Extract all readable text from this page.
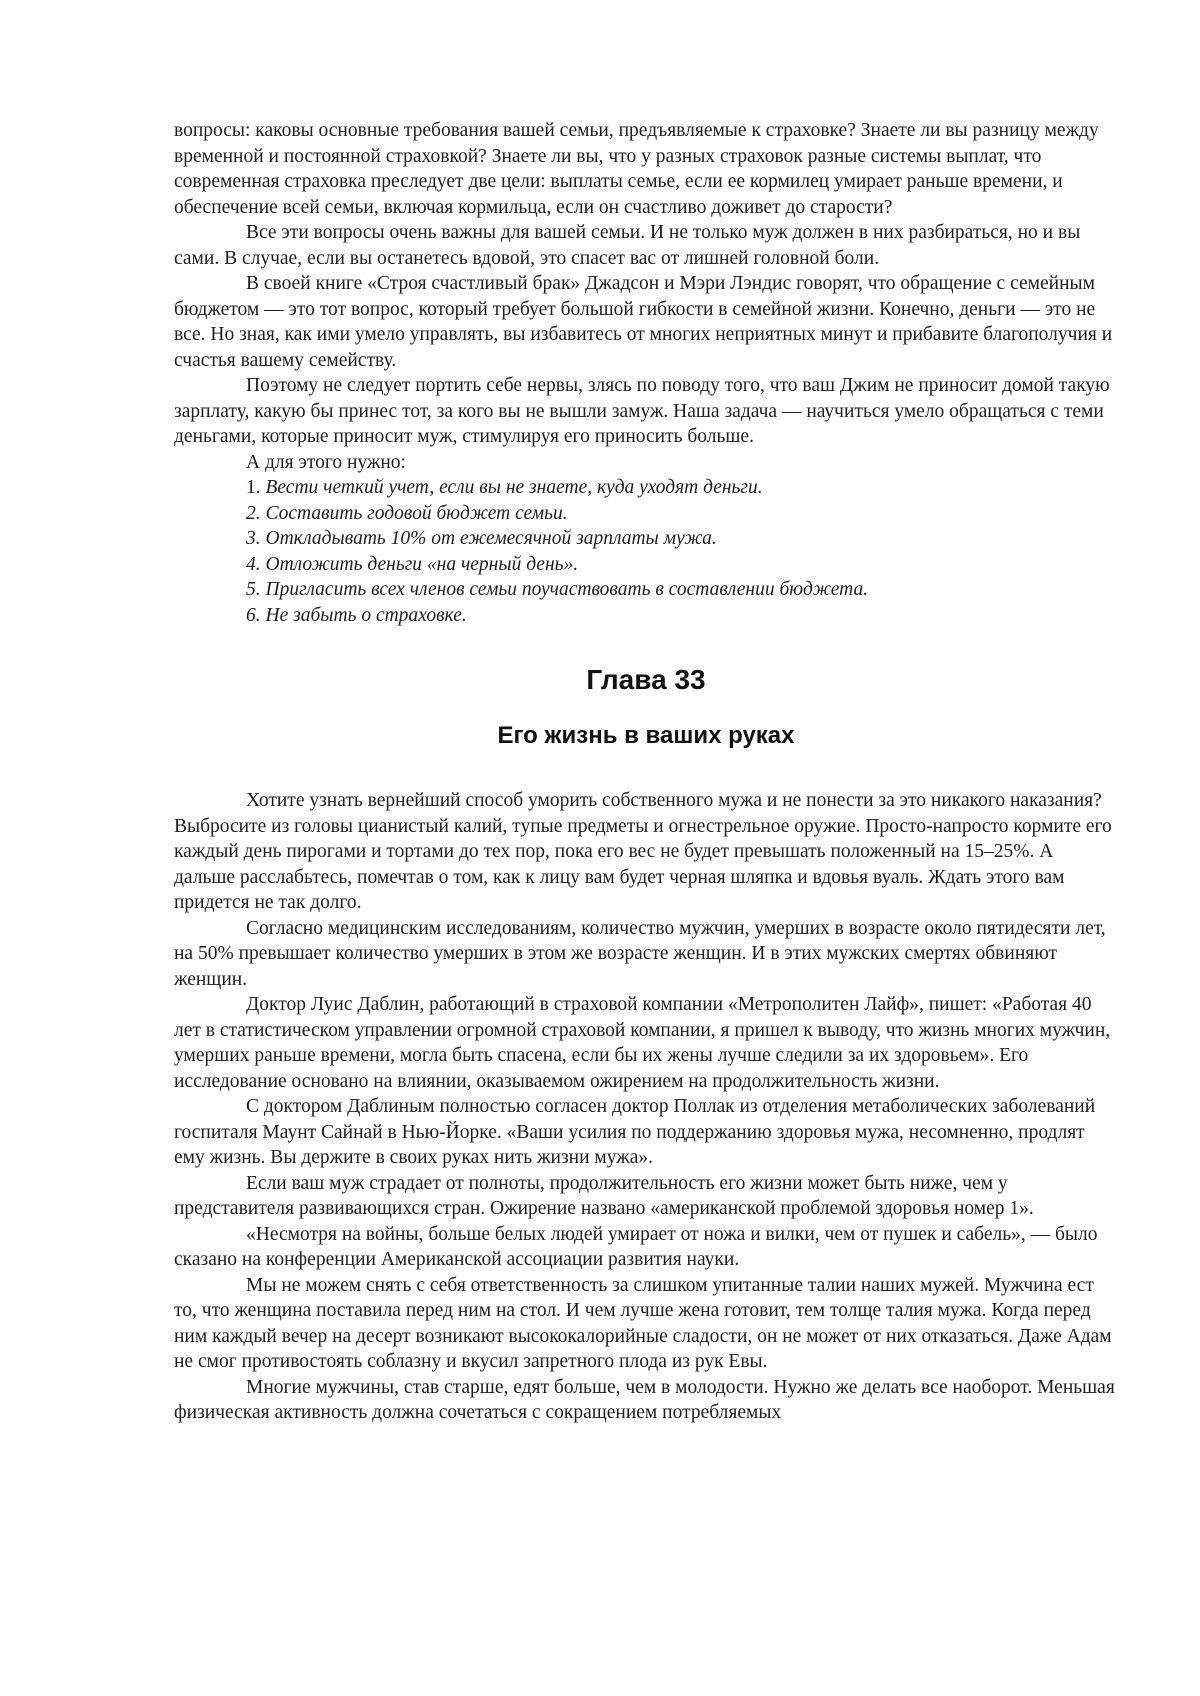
вопросы: каковы основные требования вашей семьи, предъявляемые к страховке? Знаете ли вы разницу между временной и постоянной страховкой? Знаете ли вы, что у разных страховок разные системы выплат, что современная страховка преследует две цели: выплаты семье, если ее кормилец умирает раньше времени, и обеспечение всей семьи, включая кормильца, если он счастливо доживет до старости?

Все эти вопросы очень важны для вашей семьи. И не только муж должен в них разбираться, но и вы сами. В случае, если вы останетесь вдовой, это спасет вас от лишней головной боли.

В своей книге «Строя счастливый брак» Джадсон и Мэри Лэндис говорят, что обращение с семейным бюджетом — это тот вопрос, который требует большой гибкости в семейной жизни. Конечно, деньги — это не все. Но зная, как ими умело управлять, вы избавитесь от многих неприятных минут и прибавите благополучия и счастья вашему семейству.

Поэтому не следует портить себе нервы, злясь по поводу того, что ваш Джим не приносит домой такую зарплату, какую бы принес тот, за кого вы не вышли замуж. Наша задача — научиться умело обращаться с теми деньгами, которые приносит муж, стимулируя его приносить больше.

А для этого нужно:

1. Вести четкий учет, если вы не знаете, куда уходят деньги.
2. Составить годовой бюджет семьи.
3. Откладывать 10% от ежемесячной зарплаты мужа.
4. Отложить деньги «на черный день».
5. Пригласить всех членов семьи поучаствовать в составлении бюджета.
6. Не забыть о страховке.
Глава 33
Его жизнь в ваших руках

Хотите узнать вернейший способ уморить собственного мужа и не понести за это никакого наказания? Выбросите из головы цианистый калий, тупые предметы и огнестрельное оружие. Просто-напросто кормите его каждый день пирогами и тортами до тех пор, пока его вес не будет превышать положенный на 15–25%. А дальше расслабьтесь, помечтав о том, как к лицу вам будет черная шляпка и вдовья вуаль. Ждать этого вам придется не так долго.

Согласно медицинским исследованиям, количество мужчин, умерших в возрасте около пятидесяти лет, на 50% превышает количество умерших в этом же возрасте женщин. И в этих мужских смертях обвиняют женщин.

Доктор Луис Даблин, работающий в страховой компании «Метрополитен Лайф», пишет: «Работая 40 лет в статистическом управлении огромной страховой компании, я пришел к выводу, что жизнь многих мужчин, умерших раньше времени, могла быть спасена, если бы их жены лучше следили за их здоровьем». Его исследование основано на влиянии, оказываемом ожирением на продолжительность жизни.

С доктором Даблиным полностью согласен доктор Поллак из отделения метаболических заболеваний госпиталя Маунт Сайнай в Нью-Йорке. «Ваши усилия по поддержанию здоровья мужа, несомненно, продлят ему жизнь. Вы держите в своих руках нить жизни мужа».

Если ваш муж страдает от полноты, продолжительность его жизни может быть ниже, чем у представителя развивающихся стран. Ожирение названо «американской проблемой здоровья номер 1».

«Несмотря на войны, больше белых людей умирает от ножа и вилки, чем от пушек и сабель», — было сказано на конференции Американской ассоциации развития науки.

Мы не можем снять с себя ответственность за слишком упитанные талии наших мужей. Мужчина ест то, что женщина поставила перед ним на стол. И чем лучше жена готовит, тем толще талия мужа. Когда перед ним каждый вечер на десерт возникают высококалорийные сладости, он не может от них отказаться. Даже Адам не смог противостоять соблазну и вкусил запретного плода из рук Евы.

Многие мужчины, став старше, едят больше, чем в молодости. Нужно же делать все наоборот. Меньшая физическая активность должна сочетаться с сокращением потребляемых
